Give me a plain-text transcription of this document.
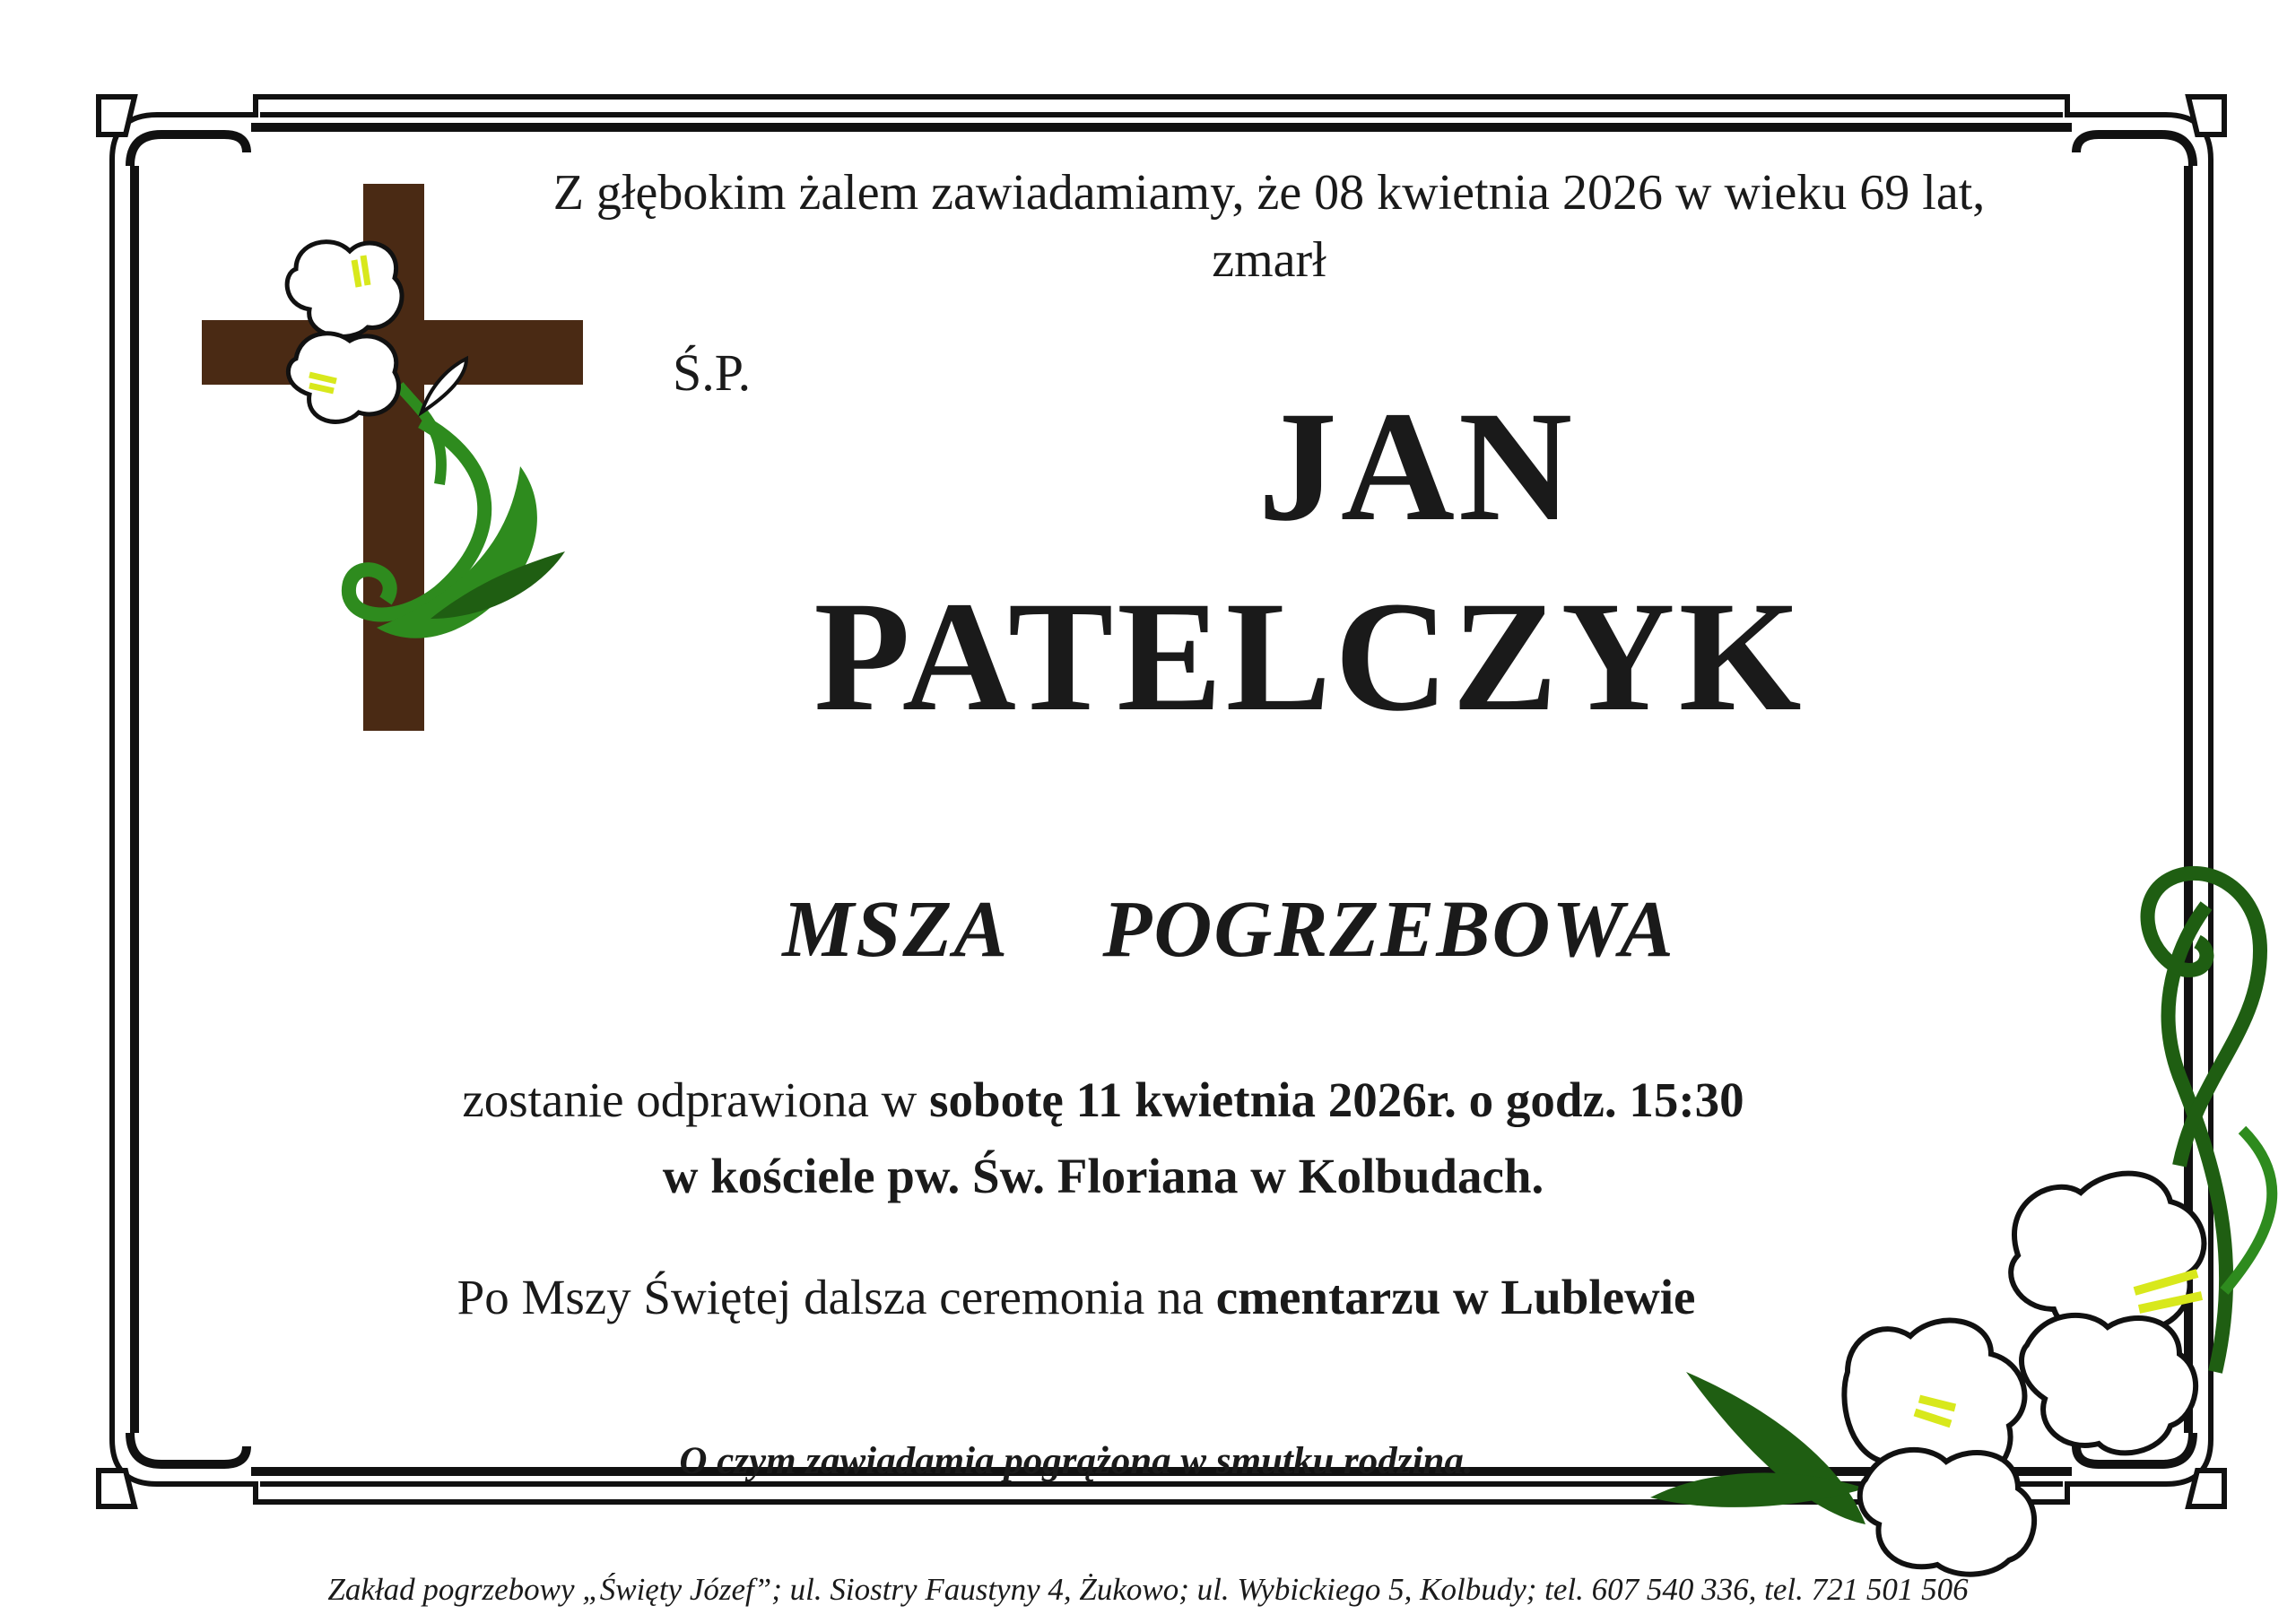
Z głębokim żalem zawiadamiamy, że 08 kwietnia 2026 w wieku 69 lat,
zmarł
Ś.P.
JAN
PATELCZYK
MSZA  POGRZEBOWA
zostanie odprawiona w sobotę 11 kwietnia 2026r. o godz. 15:30
w kościele pw. Św. Floriana w Kolbudach.
Po Mszy Świętej dalsza ceremonia na cmentarzu w Lublewie
O czym zawiadamia pogrążona w smutku rodzina.
Zakład pogrzebowy „Święty Józef”; ul. Siostry Faustyny 4, Żukowo; ul. Wybickiego 5, Kolbudy; tel. 607 540 336, tel. 721 501 506
